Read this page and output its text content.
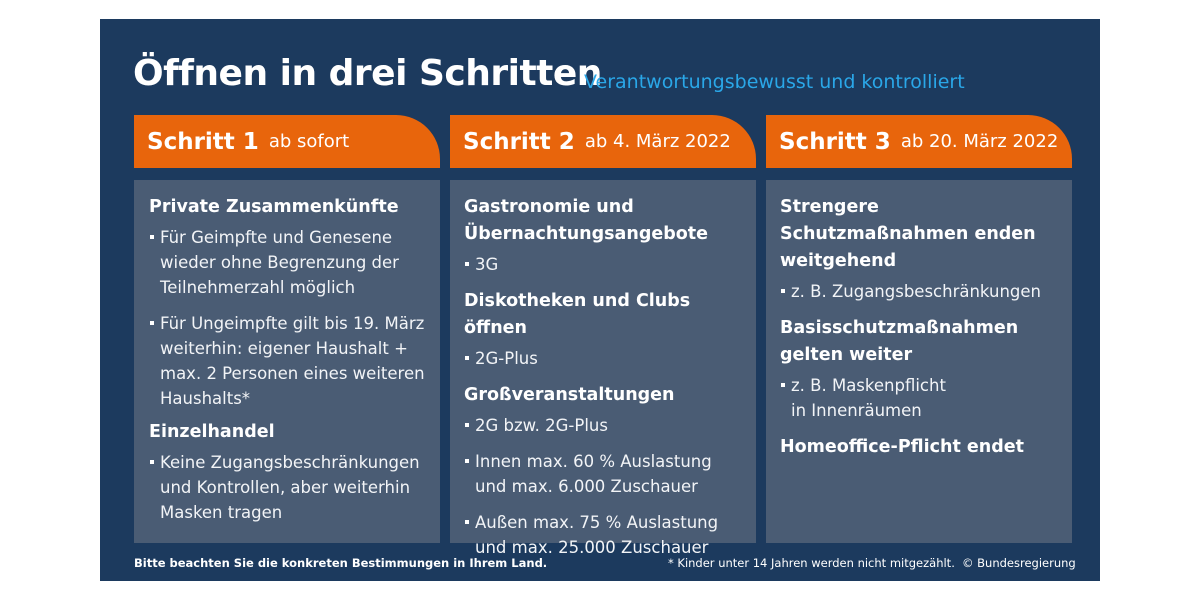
Öffnen in drei Schritten
Verantwortungsbewusst und kontrolliert
Schritt 1 ab sofort
Private Zusammenkünfte
Für Geimpfte und Genesene wieder ohne Begrenzung der Teilnehmerzahl möglich
Für Ungeimpfte gilt bis 19. März weiterhin: eigener Haushalt + max. 2 Personen eines weiteren Haushalts*
Einzelhandel
Keine Zugangsbeschränkungen und Kontrollen, aber weiterhin Masken tragen
Schritt 2 ab 4. März 2022
Gastronomie und Übernachtungsangebote
3G
Diskotheken und Clubs öffnen
2G-Plus
Großveranstaltungen
2G bzw. 2G-Plus
Innen max. 60 % Auslastung und max. 6.000 Zuschauer
Außen max. 75 % Auslastung und max. 25.000 Zuschauer
Schritt 3 ab 20. März 2022
Strengere Schutzmaßnahmen enden weitgehend
z. B. Zugangsbeschränkungen
Basisschutzmaßnahmen gelten weiter
z. B. Maskenpflicht in Innenräumen
Homeoffice-Pflicht endet
Bitte beachten Sie die konkreten Bestimmungen in Ihrem Land.	* Kinder unter 14 Jahren werden nicht mitgezählt. © Bundesregierung
